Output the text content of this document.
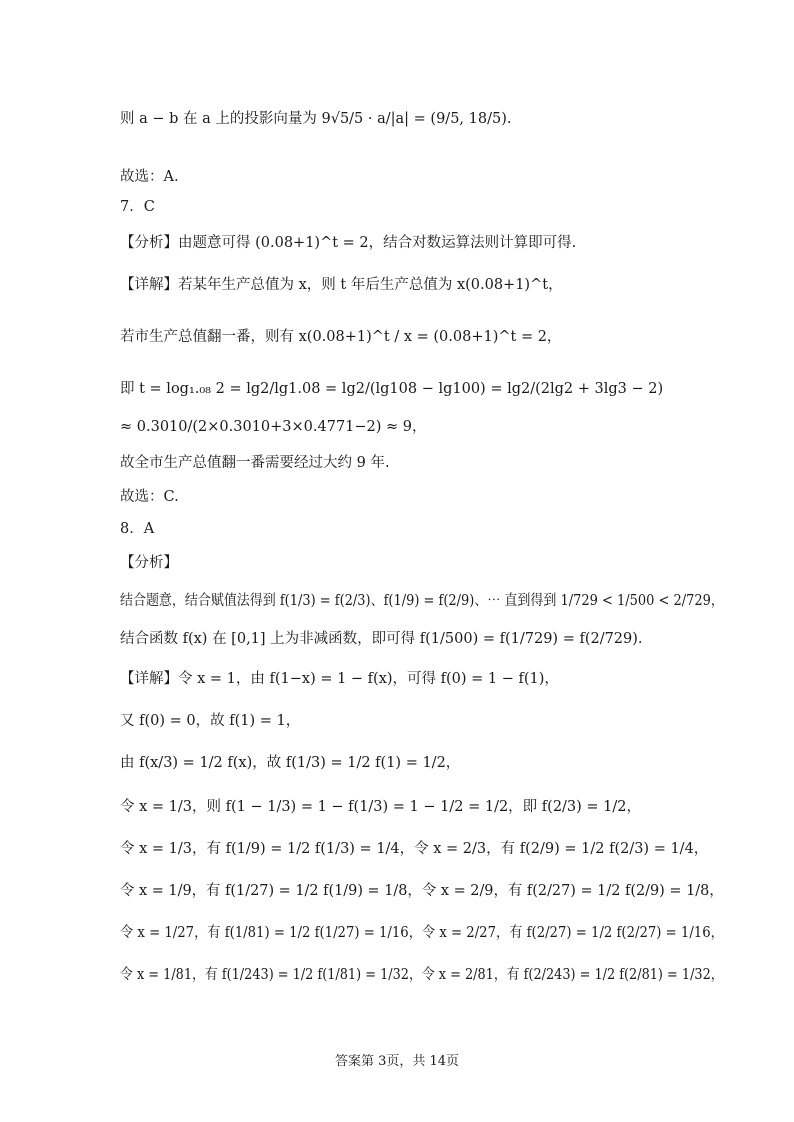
则 a − b 在 a 上的投影向量为 9√5/5 · a/|a| = (9/5, 18/5).
故选：A.
7．C
【分析】由题意可得 (0.08+1)^t = 2，结合对数运算法则计算即可得.
【详解】若某年生产总值为 x，则 t 年后生产总值为 x(0.08+1)^t，
若市生产总值翻一番，则有 x(0.08+1)^t / x = (0.08+1)^t = 2，
即 t = log₁.₀₈ 2 = lg2/lg1.08 = lg2/(lg108 − lg100) = lg2/(2lg2 + 3lg3 − 2)
≈ 0.3010/(2×0.3010+3×0.4771−2) ≈ 9，
故全市生产总值翻一番需要经过大约 9 年.
故选：C.
8．A
【分析】
结合题意，结合赋值法得到 f(1/3) = f(2/3)、f(1/9) = f(2/9)、⋯ 直到得到 1/729 < 1/500 < 2/729，
结合函数 f(x) 在 [0,1] 上为非减函数，即可得 f(1/500) = f(1/729) = f(2/729).
【详解】令 x = 1，由 f(1−x) = 1 − f(x)，可得 f(0) = 1 − f(1)，
又 f(0) = 0，故 f(1) = 1，
由 f(x/3) = 1/2 f(x)，故 f(1/3) = 1/2 f(1) = 1/2，
令 x = 1/3，则 f(1 − 1/3) = 1 − f(1/3) = 1 − 1/2 = 1/2，即 f(2/3) = 1/2，
令 x = 1/3，有 f(1/9) = 1/2 f(1/3) = 1/4，令 x = 2/3，有 f(2/9) = 1/2 f(2/3) = 1/4，
令 x = 1/9，有 f(1/27) = 1/2 f(1/9) = 1/8，令 x = 2/9，有 f(2/27) = 1/2 f(2/9) = 1/8，
令 x = 1/27，有 f(1/81) = 1/2 f(1/27) = 1/16，令 x = 2/27，有 f(2/27) = 1/2 f(2/27) = 1/16，
令 x = 1/81，有 f(1/243) = 1/2 f(1/81) = 1/32，令 x = 2/81，有 f(2/243) = 1/2 f(2/81) = 1/32，
答案第 3页，共 14页
